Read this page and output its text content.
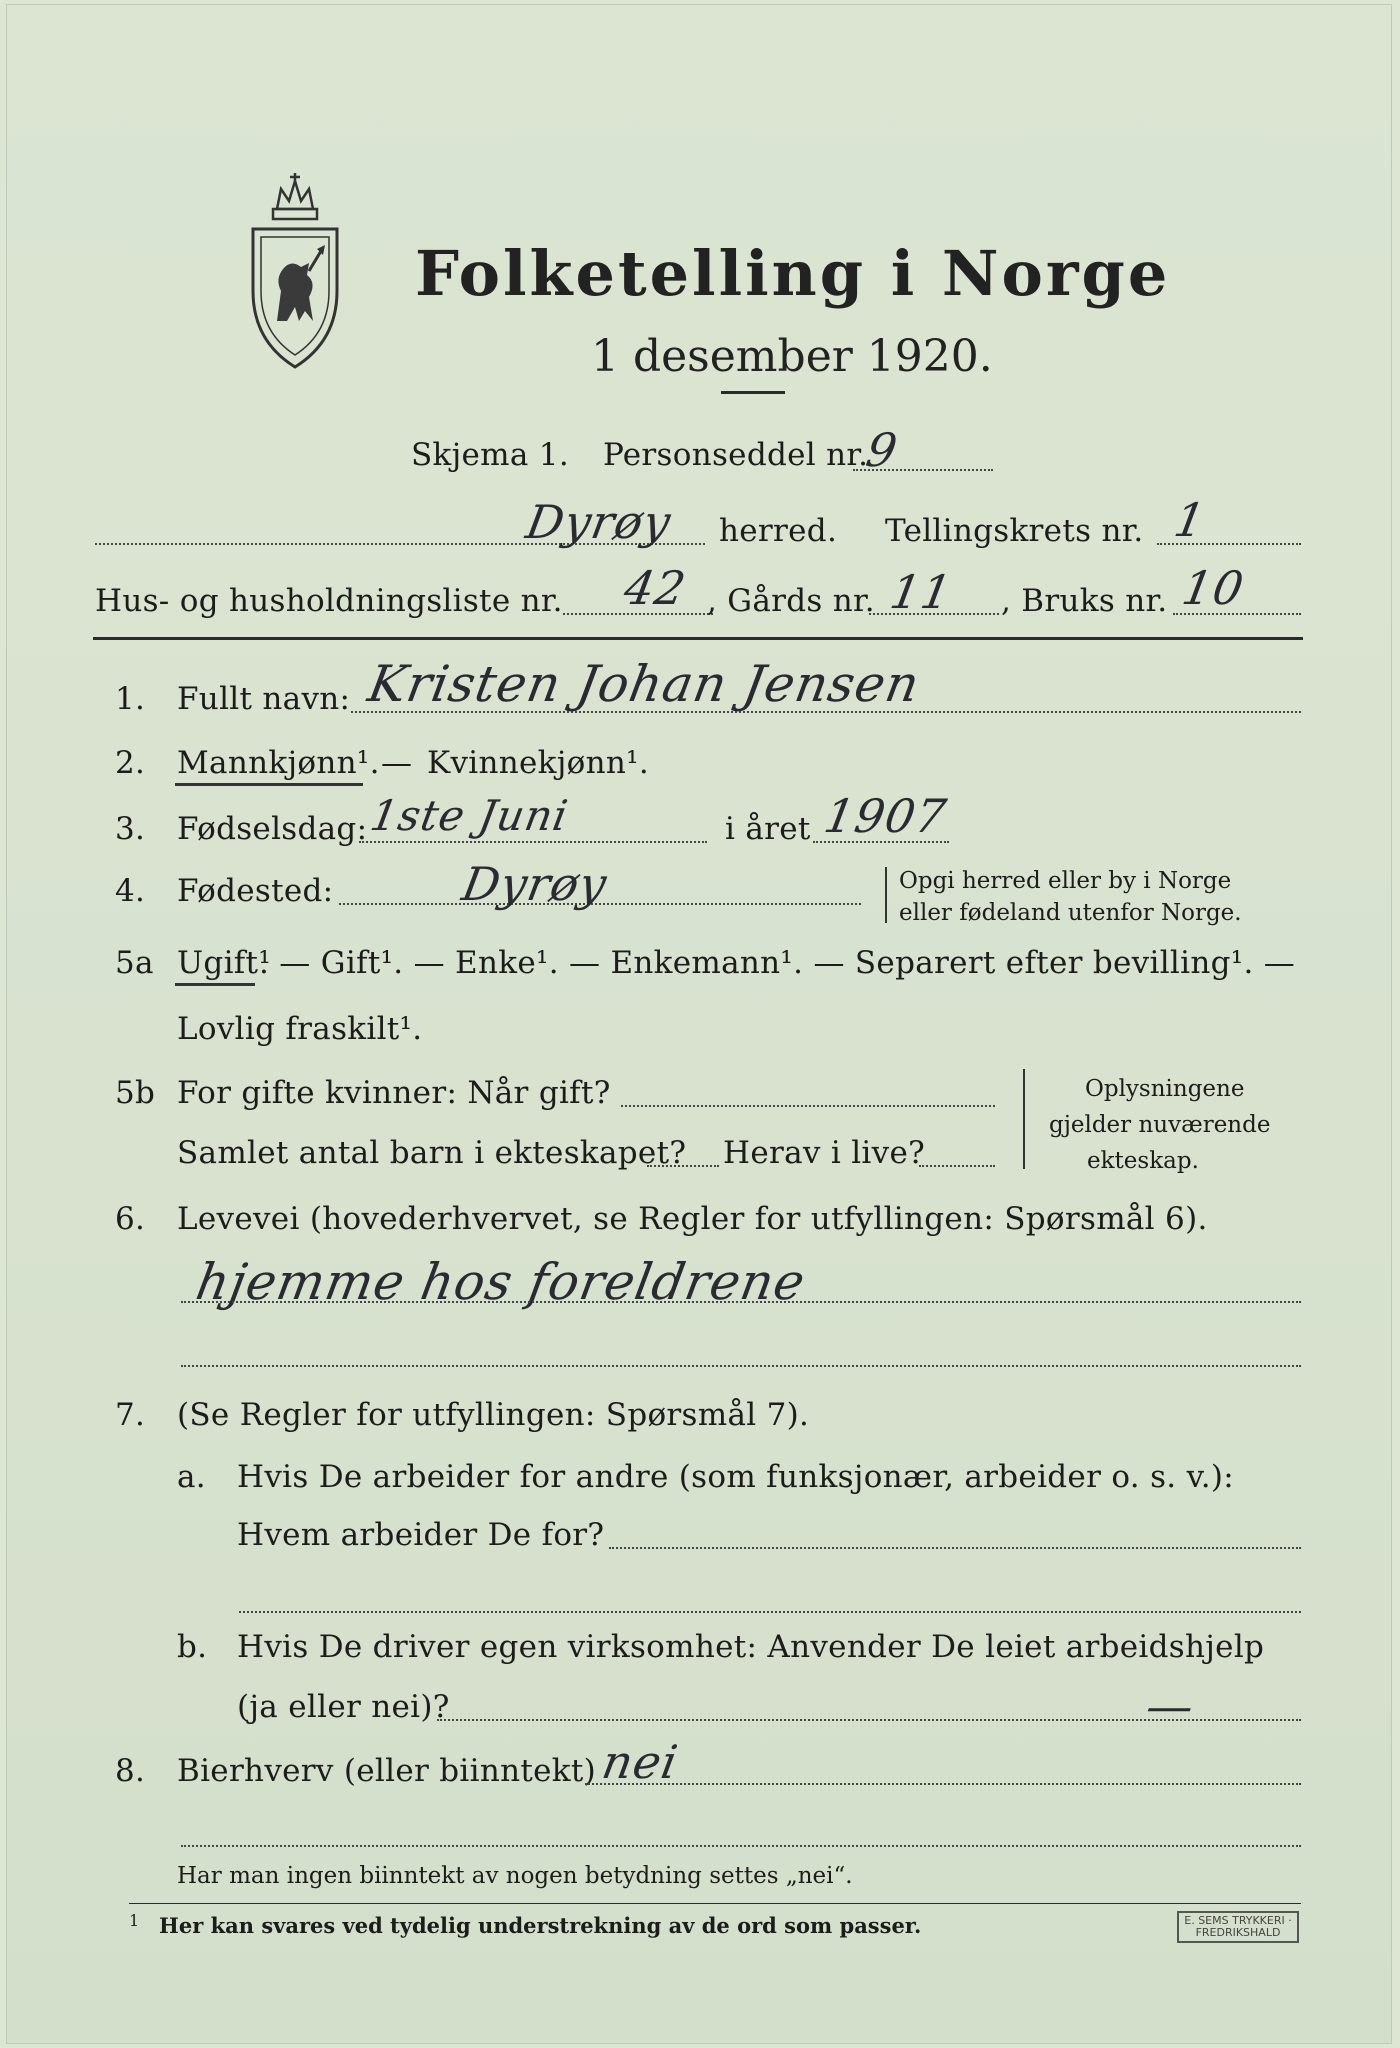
Folketelling i Norge
1 desember 1920.
Skjema 1. Personseddel nr.
9
Dyrøy herred. Tellingskrets nr. 1
Hus- og husholdningsliste nr. 42 , Gårds nr. 11 , Bruks nr. 10
1. Fullt navn: Kristen Johan Jensen
2. Mannkjønn¹. — Kvinnekjønn¹.
3. Fødselsdag: 1ste Juni	i året 1907
4. Fødested:	Dyrøy	Opgi herred eller by i Norge
eller fødeland utenfor Norge.
5a Ugift¹
. — Gift¹. — Enke¹. — Enkemann¹. — Separert efter bevilling¹. —
Lovlig fraskilt¹.
5b For gifte kvinner: Når gift?
Samlet antal barn i ekteskapet? Herav i live?
Oplysningene
gjelder nuværende
ekteskap.
6. Levevei (hovederhvervet, se Regler for utfyllingen: Spørsmål 6).
hjemme hos foreldrene
7. (Se Regler for utfyllingen: Spørsmål 7).
a. Hvis De arbeider for andre (som funksjonær, arbeider o. s. v.):
Hvem arbeider De for?
b. Hvis De driver egen virksomhet: Anvender De leiet arbeidshjelp
(ja eller nei)?	—
8. Bierhverv (eller biinntekt) nei
Har man ingen biinntekt av nogen betydning settes „nei“.
1 Her kan svares ved tydelig understrekning av de ord som passer.	E. SEMS TRYKKERI · FREDRIKSHALD
